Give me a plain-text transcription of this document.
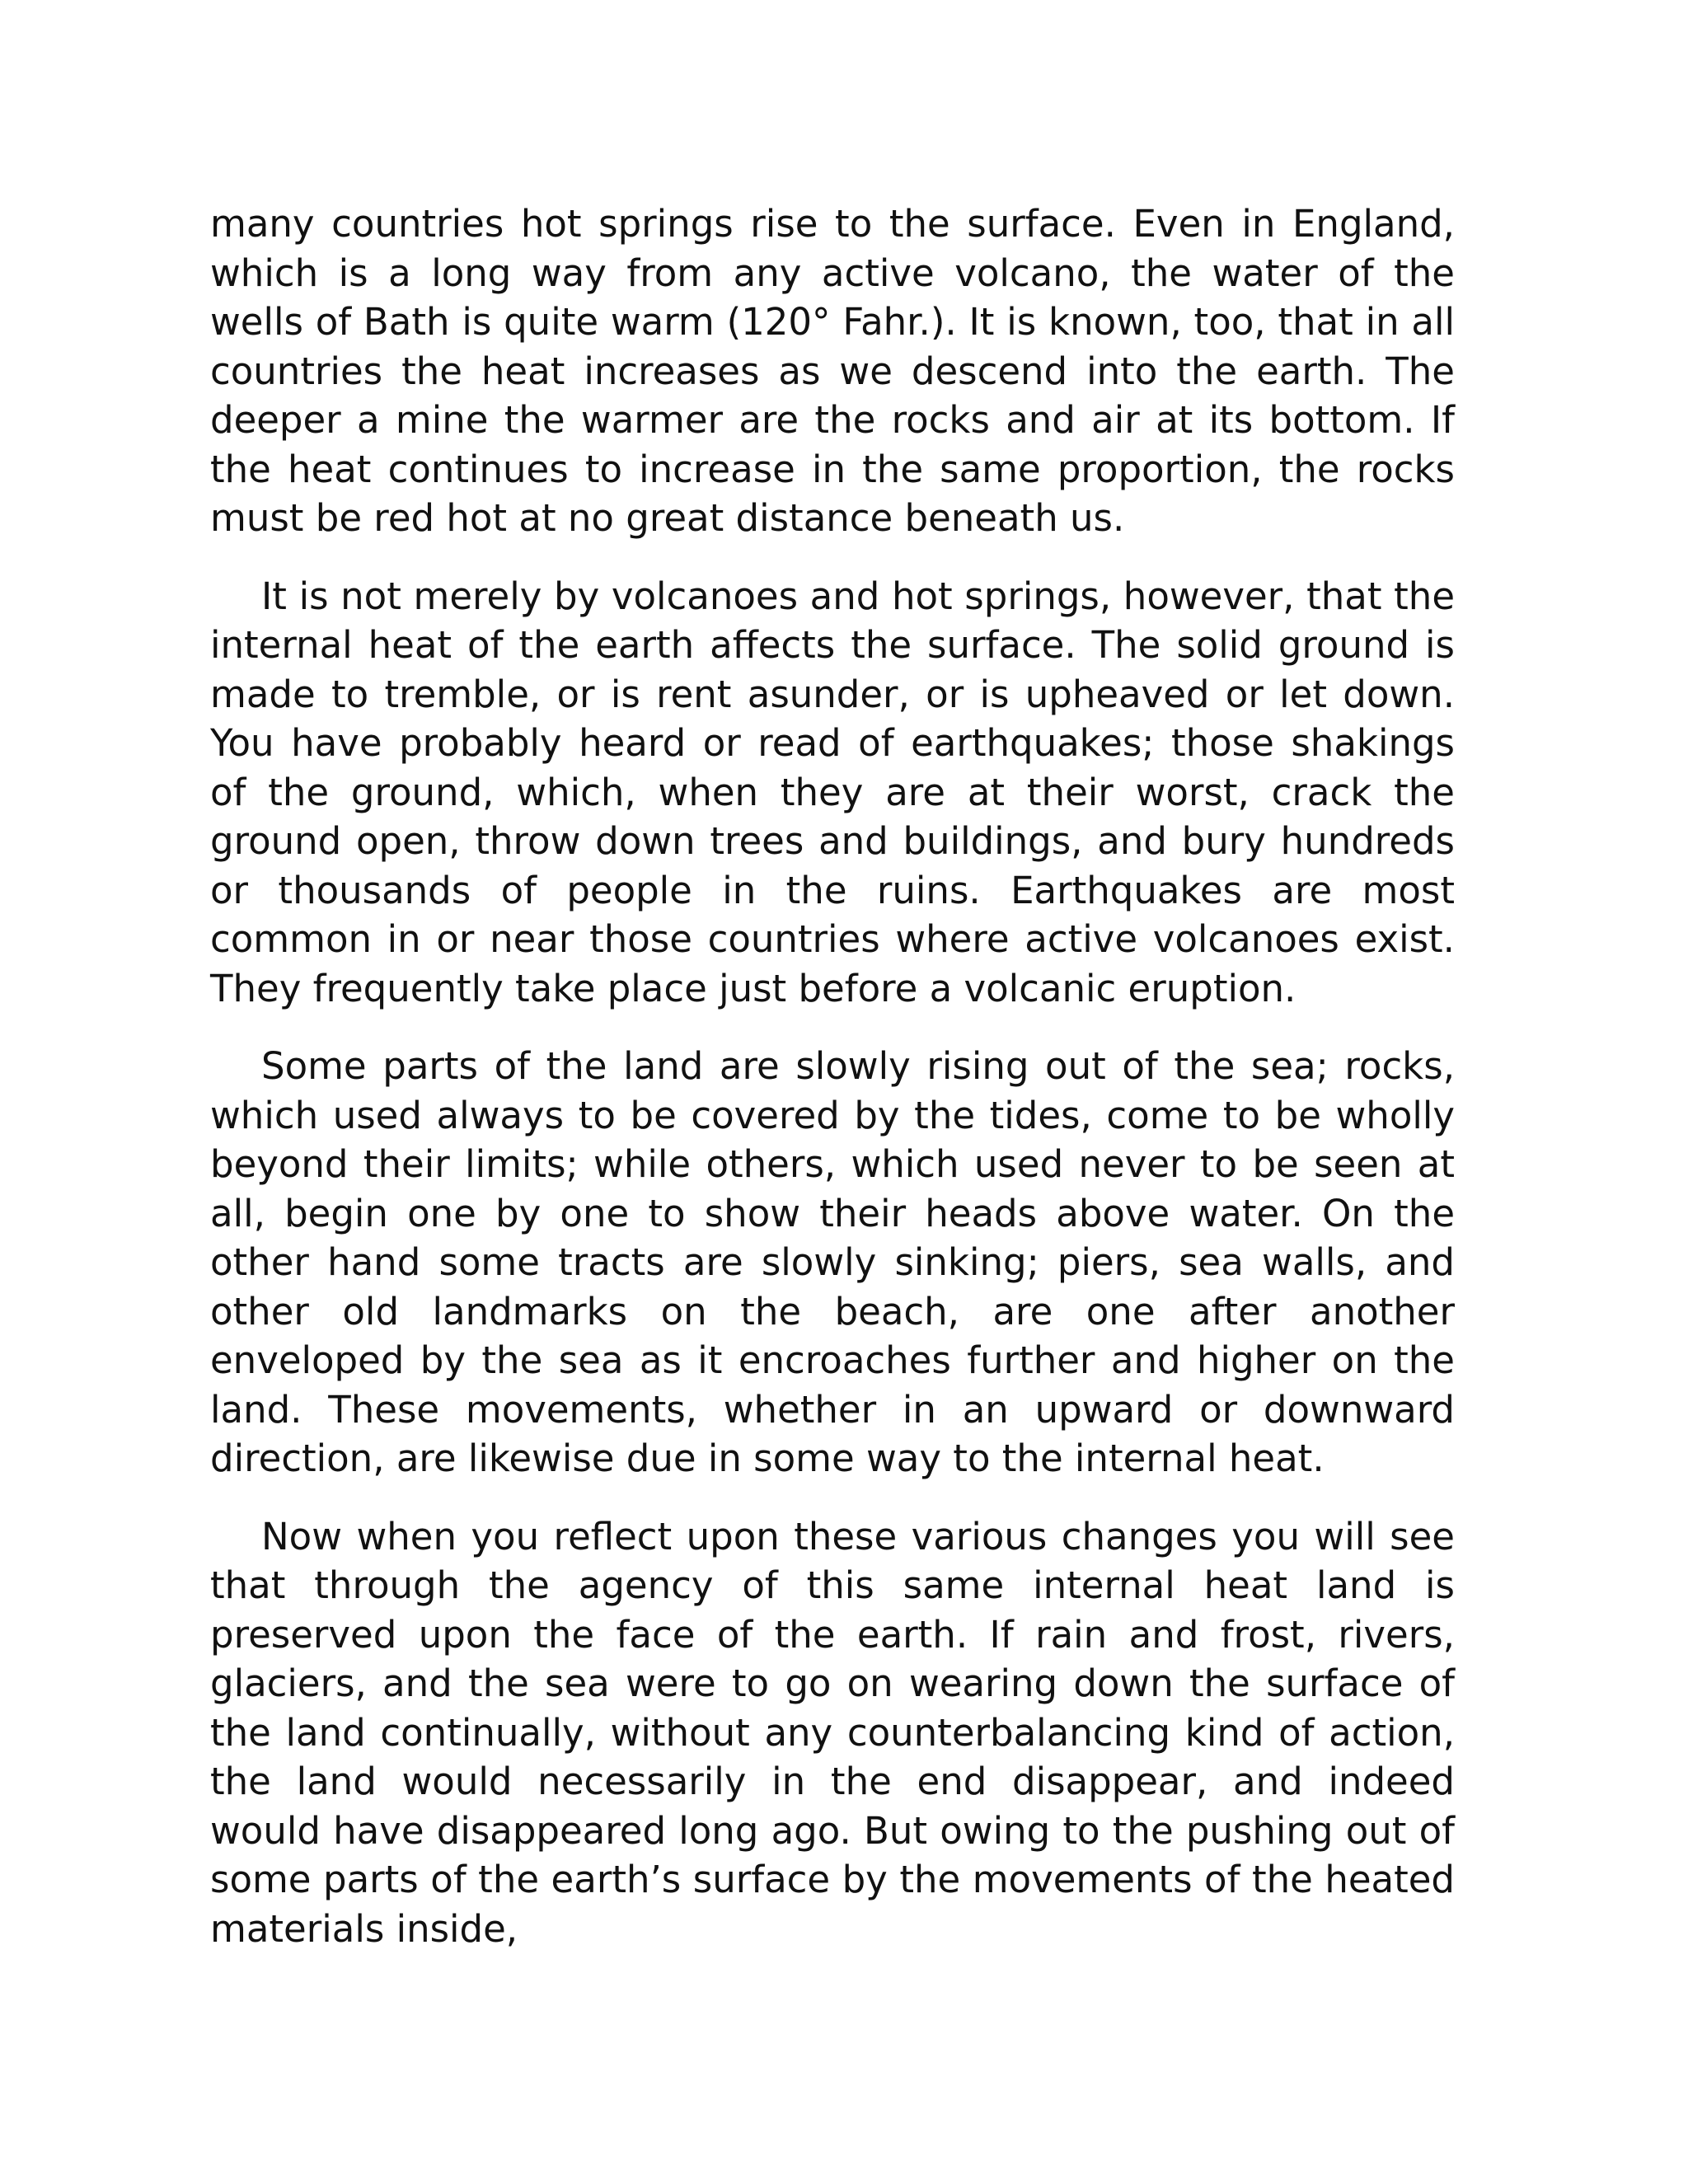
many countries hot springs rise to the surface. Even in England, which is a long way from any active volcano, the water of the wells of Bath is quite warm (120° Fahr.). It is known, too, that in all countries the heat increases as we descend into the earth. The deeper a mine the warmer are the rocks and air at its bottom. If the heat continues to increase in the same proportion, the rocks must be red hot at no great distance beneath us.

It is not merely by volcanoes and hot springs, however, that the internal heat of the earth affects the surface. The solid ground is made to tremble, or is rent asunder, or is upheaved or let down. You have probably heard or read of earthquakes; those shakings of the ground, which, when they are at their worst, crack the ground open, throw down trees and buildings, and bury hundreds or thousands of people in the ruins. Earthquakes are most common in or near those countries where active volcanoes exist. They frequently take place just before a volcanic eruption.

Some parts of the land are slowly rising out of the sea; rocks, which used always to be covered by the tides, come to be wholly beyond their limits; while others, which used never to be seen at all, begin one by one to show their heads above water. On the other hand some tracts are slowly sinking; piers, sea walls, and other old landmarks on the beach, are one after another enveloped by the sea as it encroaches further and higher on the land. These movements, whether in an upward or downward direction, are likewise due in some way to the internal heat.

Now when you reflect upon these various changes you will see that through the agency of this same internal heat land is preserved upon the face of the earth. If rain and frost, rivers, glaciers, and the sea were to go on wearing down the surface of the land continually, without any counterbalancing kind of action, the land would necessarily in the end disappear, and indeed would have disappeared long ago. But owing to the pushing out of some parts of the earth’s surface by the movements of the heated materials inside,
